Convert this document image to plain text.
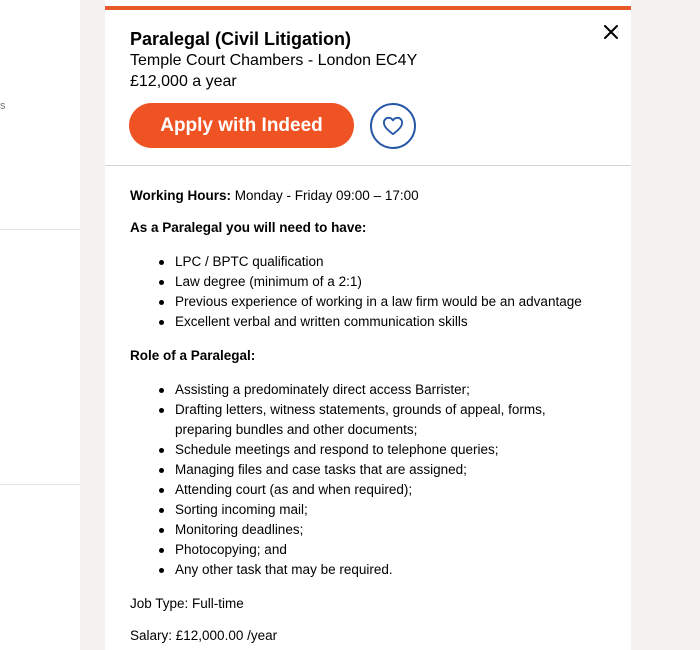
s
Paralegal (Civil Litigation)
Temple Court Chambers - London EC4Y
£12,000 a year
Apply with Indeed
Working Hours: Monday - Friday 09:00 – 17:00
As a Paralegal you will need to have:
LPC / BPTC qualification
Law degree (minimum of a 2:1)
Previous experience of working in a law firm would be an advantage
Excellent verbal and written communication skills
Role of a Paralegal:
Assisting a predominately direct access Barrister;
Drafting letters, witness statements, grounds of appeal, forms, preparing bundles and other documents;
Schedule meetings and respond to telephone queries;
Managing files and case tasks that are assigned;
Attending court (as and when required);
Sorting incoming mail;
Monitoring deadlines;
Photocopying; and
Any other task that may be required.
Job Type: Full-time
Salary: £12,000.00 /year
